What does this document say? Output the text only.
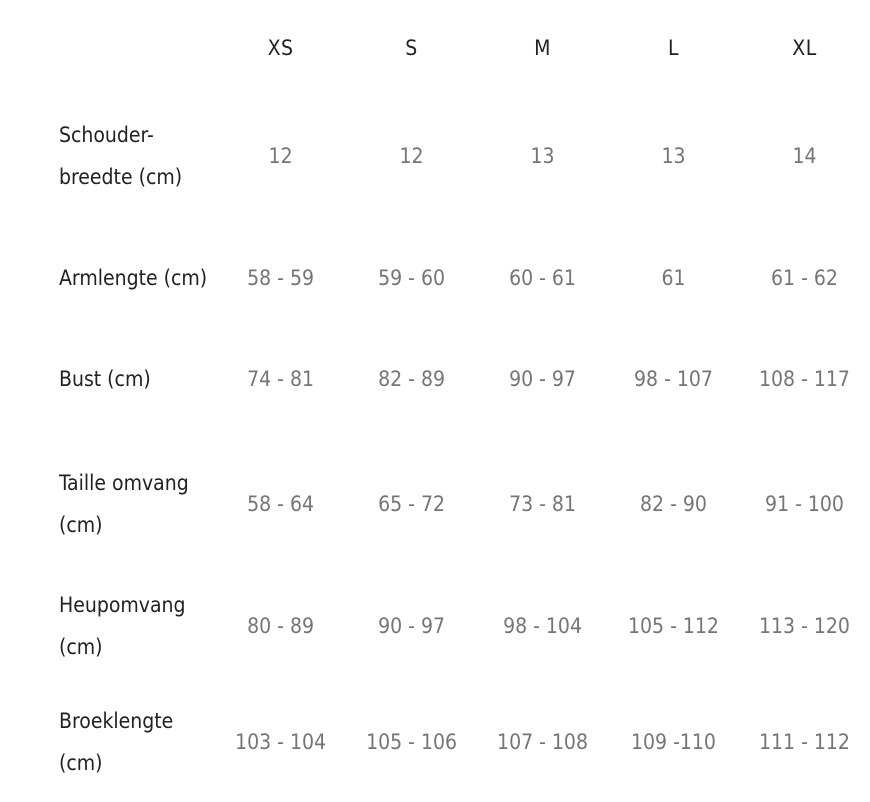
	XS	S	M	L	XL
Schouder-breedte (cm)	12	12	13	13	14
Armlengte (cm)	58 - 59	59 - 60	60 - 61	61	61 - 62
Bust (cm)	74 - 81	82 - 89	90 - 97	98 - 107	108 - 117
Taille omvang (cm)	58 - 64	65 - 72	73 - 81	82 - 90	91 - 100
Heupomvang (cm)	80 - 89	90 - 97	98 - 104	105 - 112	113 - 120
Broeklengte (cm)	103 - 104	105 - 106	107 - 108	109 -110	111 - 112
